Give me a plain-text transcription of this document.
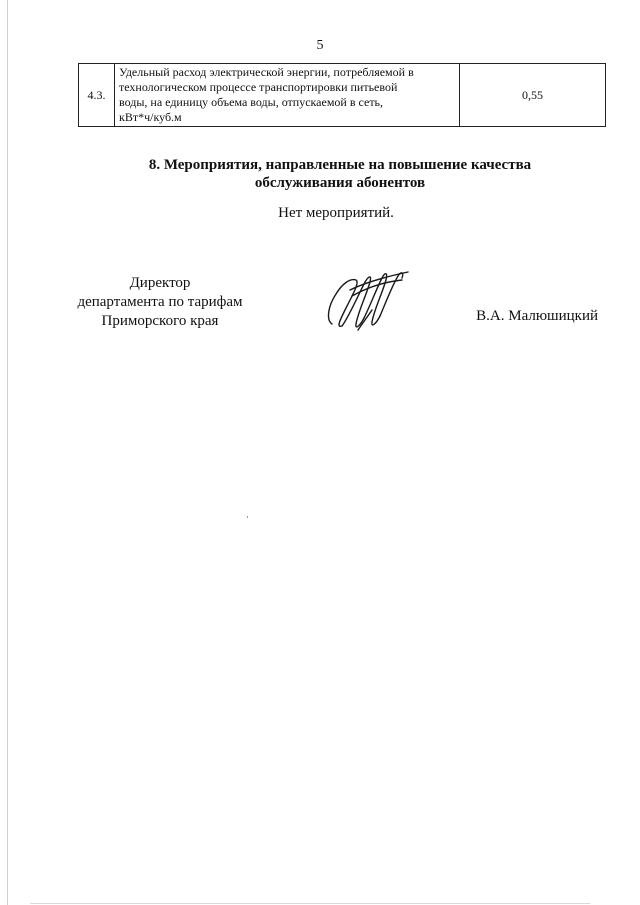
5
4.3.	Удельный расход электрической энергии, потребляемой в
технологическом процессе транспортировки питьевой
воды, на единицу объема воды, отпускаемой в сеть,
кВт*ч/куб.м	0,55
8. Мероприятия, направленные на повышение качества
обслуживания абонентов
Нет мероприятий.
Директор
департамента по тарифам
Приморского края	В.А. Малюшицкий
